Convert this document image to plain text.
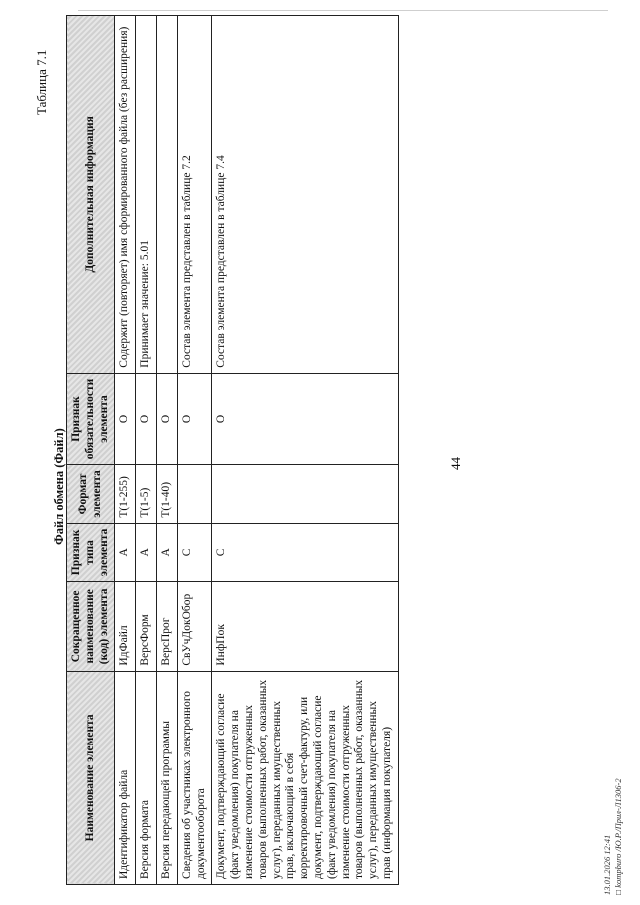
44
Таблица 7.1
Файл обмена (Файл)
Наименование элемента	Сокращенное наименование (код) элемента	Признак типа элемента	Формат элемента	Признак обязательности элемента	Дополнительная информация
Идентификатор файла	ИдФайл	А	T(1-255)	О	Содержит (повторяет) имя сформированного файла (без расширения)
Версия формата	ВерсФорм	А	T(1-5)	О	Принимает значение: 5.01
Версия передающей программы	ВерсПрог	А	T(1-40)	О	
Сведения об участниках электронного документооборота	СвУчДокОбор	С		О	Состав элемента представлен в таблице 7.2
Документ, подтверждающий согласие (факт уведомления) покупателя на изменение стоимости отгруженных товаров (выполненных работ, оказанных услуг), переданных имущественных прав, включающий в себя корректировочный счет-фактуру, или документ, подтверждающий согласие (факт уведомления) покупателя на изменение стоимости отгруженных товаров (выполненных работ, оказанных услуг), переданных имущественных прав (информация покупателя)	ИнфПок	С		О	Состав элемента представлен в таблице 7.4
13.01.2026 12:41 □ kompburo /Ю.Р./Прил-Л1306-2
